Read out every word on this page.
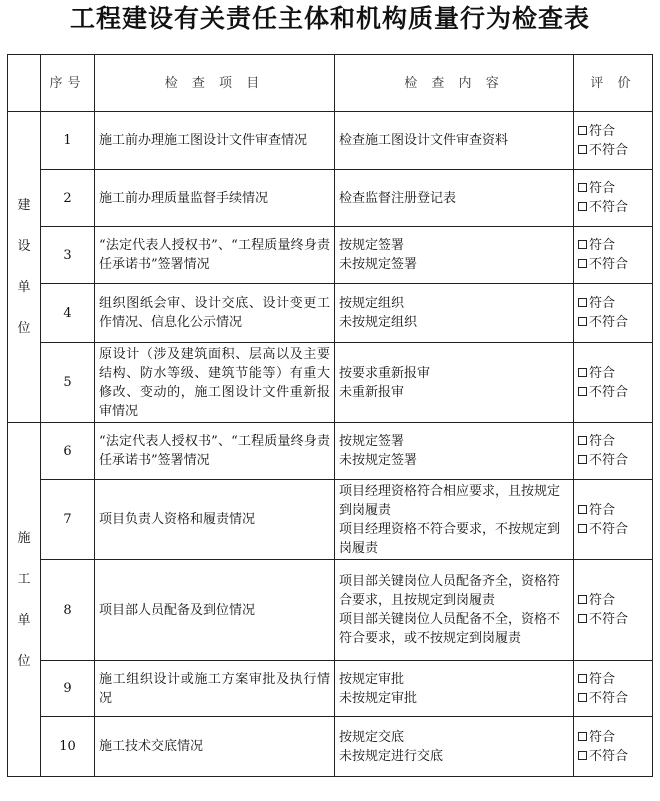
工程建设有关责任主体和机构质量行为检查表
	序号	检 查 项 目	检 查 内 容	评 价

建
设
单
位	1	施工前办理施工图设计文件审查情况	检查施工图设计文件审查资料	符合
不符合

	2	施工前办理质量监督手续情况	检查监督注册登记表	符合
不符合

	3	“法定代表人授权书”、“工程质量终身责任承诺书”签署情况	按规定签署
未按规定签署	符合
不符合

	4	组织图纸会审、设计交底、设计变更工作情况、信息化公示情况	按规定组织
未按规定组织	符合
不符合

	5	原设计（涉及建筑面积、层高以及主要结构、防水等级、建筑节能等）有重大修改、变动的，施工图设计文件重新报审情况	按要求重新报审
未重新报审	符合
不符合

施
工
单
位	6	“法定代表人授权书”、“工程质量终身责任承诺书”签署情况	按规定签署
未按规定签署	符合
不符合

	7	项目负责人资格和履责情况	项目经理资格符合相应要求，且按规定到岗履责
项目经理资格不符合要求，不按规定到岗履责	符合
不符合

	8	项目部人员配备及到位情况	项目部关键岗位人员配备齐全，资格符合要求，且按规定到岗履责
项目部关键岗位人员配备不全，资格不符合要求，或不按规定到岗履责	符合
不符合

	9	施工组织设计或施工方案审批及执行情况	按规定审批
未按规定审批	符合
不符合

	10	施工技术交底情况	按规定交底
未按规定进行交底	符合
不符合
